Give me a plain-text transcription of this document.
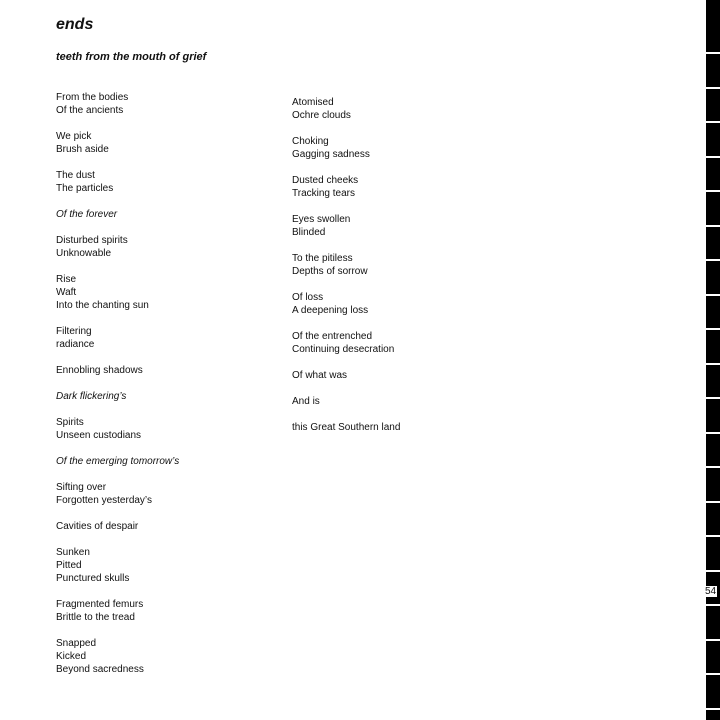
ends
teeth from the mouth of grief
From the bodies
Of the ancients
We pick
Brush aside
The dust
The particles
Of the forever
Disturbed spirits
Unknowable
Rise
Waft
Into the chanting sun
Filtering
radiance
Ennobling shadows
Dark flickering’s
Spirits
Unseen custodians
Of the emerging tomorrow’s
Sifting over
Forgotten yesterday’s
Cavities of despair
Sunken
Pitted
Punctured skulls
Fragmented femurs
Brittle to the tread
Snapped
Kicked
Beyond sacredness
Atomised
Ochre clouds
Choking
Gagging sadness
Dusted cheeks
Tracking tears
Eyes swollen
Blinded
To the pitiless
Depths of sorrow
Of loss
A deepening loss
Of the entrenched
Continuing desecration
Of what was
And is
this Great Southern land
54
